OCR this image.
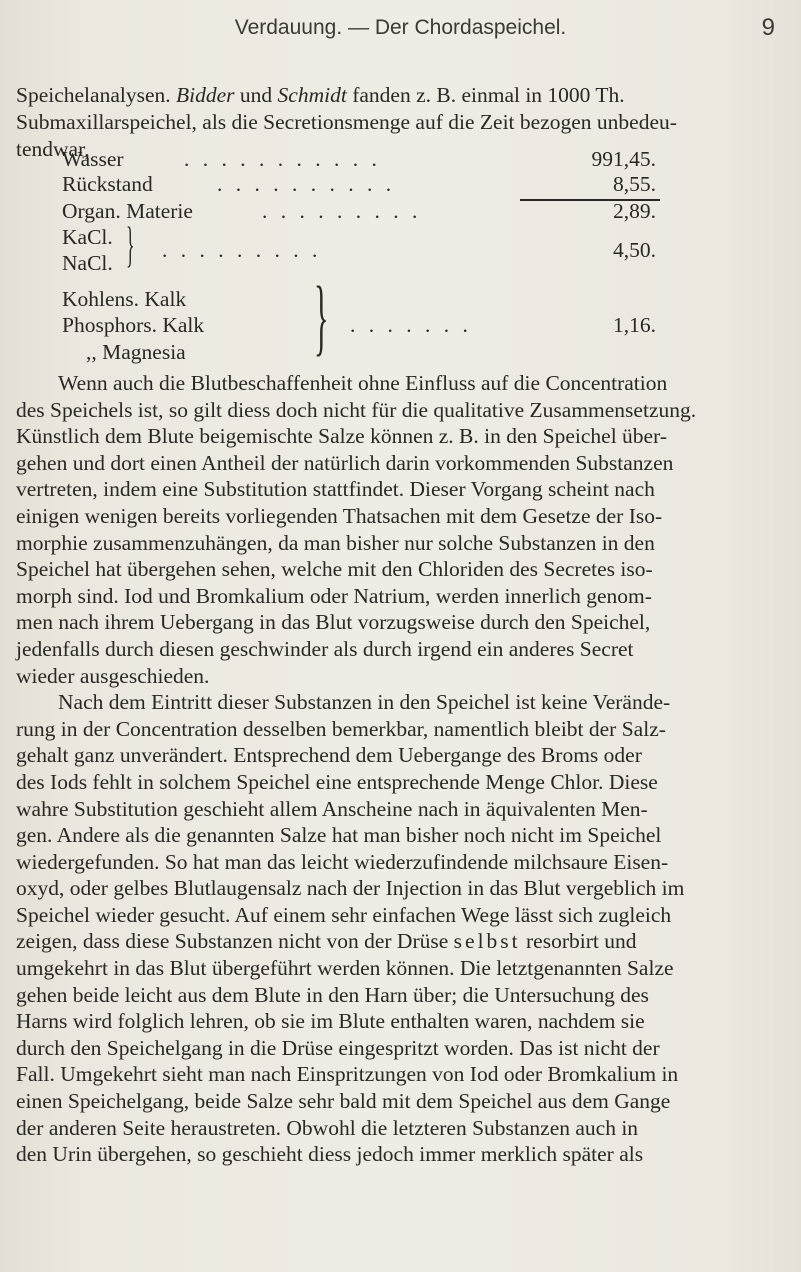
Verdauung. — Der Chordaspeichel.	9
Speichelanalysen. Bidder und Schmidt fanden z. B. einmal in 1000 Th.
Submaxillarspeichel, als die Secretionsmenge auf die Zeit bezogen unbedeu-
tendwar,
Wasser	. . . . . . . . . . .	991,45.
Rückstand	. . . . . . . . . .	8,55.
Organ. Materie	. . . . . . . . .	2,89.
KaCl.
NaCl. } . . . . . . . . .	4,50.
Kohlens. Kalk
Phosphors. Kalk
,, Magnesia } . . . . . . .	1,16.

Wenn auch die Blutbeschaffenheit ohne Einfluss auf die Concentration
des Speichels ist, so gilt diess doch nicht für die qualitative Zusammensetzung.
Künstlich dem Blute beigemischte Salze können z. B. in den Speichel über-
gehen und dort einen Antheil der natürlich darin vorkommenden Substanzen
vertreten, indem eine Substitution stattfindet. Dieser Vorgang scheint nach
einigen wenigen bereits vorliegenden Thatsachen mit dem Gesetze der Iso-
morphie zusammenzuhängen, da man bisher nur solche Substanzen in den
Speichel hat übergehen sehen, welche mit den Chloriden des Secretes iso-
morph sind. Iod und Bromkalium oder Natrium, werden innerlich genom-
men nach ihrem Uebergang in das Blut vorzugsweise durch den Speichel,
jedenfalls durch diesen geschwinder als durch irgend ein anderes Secret
wieder ausgeschieden.

Nach dem Eintritt dieser Substanzen in den Speichel ist keine Verände-
rung in der Concentration desselben bemerkbar, namentlich bleibt der Salz-
gehalt ganz unverändert. Entsprechend dem Uebergange des Broms oder
des Iods fehlt in solchem Speichel eine entsprechende Menge Chlor. Diese
wahre Substitution geschieht allem Anscheine nach in äquivalenten Men-
gen. Andere als die genannten Salze hat man bisher noch nicht im Speichel
wiedergefunden. So hat man das leicht wiederzufindende milchsaure Eisen-
oxyd, oder gelbes Blutlaugensalz nach der Injection in das Blut vergeblich im
Speichel wieder gesucht. Auf einem sehr einfachen Wege lässt sich zugleich
zeigen, dass diese Substanzen nicht von der Drüse selbst resorbirt und
umgekehrt in das Blut übergeführt werden können. Die letztgenannten Salze
gehen beide leicht aus dem Blute in den Harn über; die Untersuchung des
Harns wird folglich lehren, ob sie im Blute enthalten waren, nachdem sie
durch den Speichelgang in die Drüse eingespritzt worden. Das ist nicht der
Fall. Umgekehrt sieht man nach Einspritzungen von Iod oder Bromkalium in
einen Speichelgang, beide Salze sehr bald mit dem Speichel aus dem Gange
der anderen Seite heraustreten. Obwohl die letzteren Substanzen auch in
den Urin übergehen, so geschieht diess jedoch immer merklich später als
